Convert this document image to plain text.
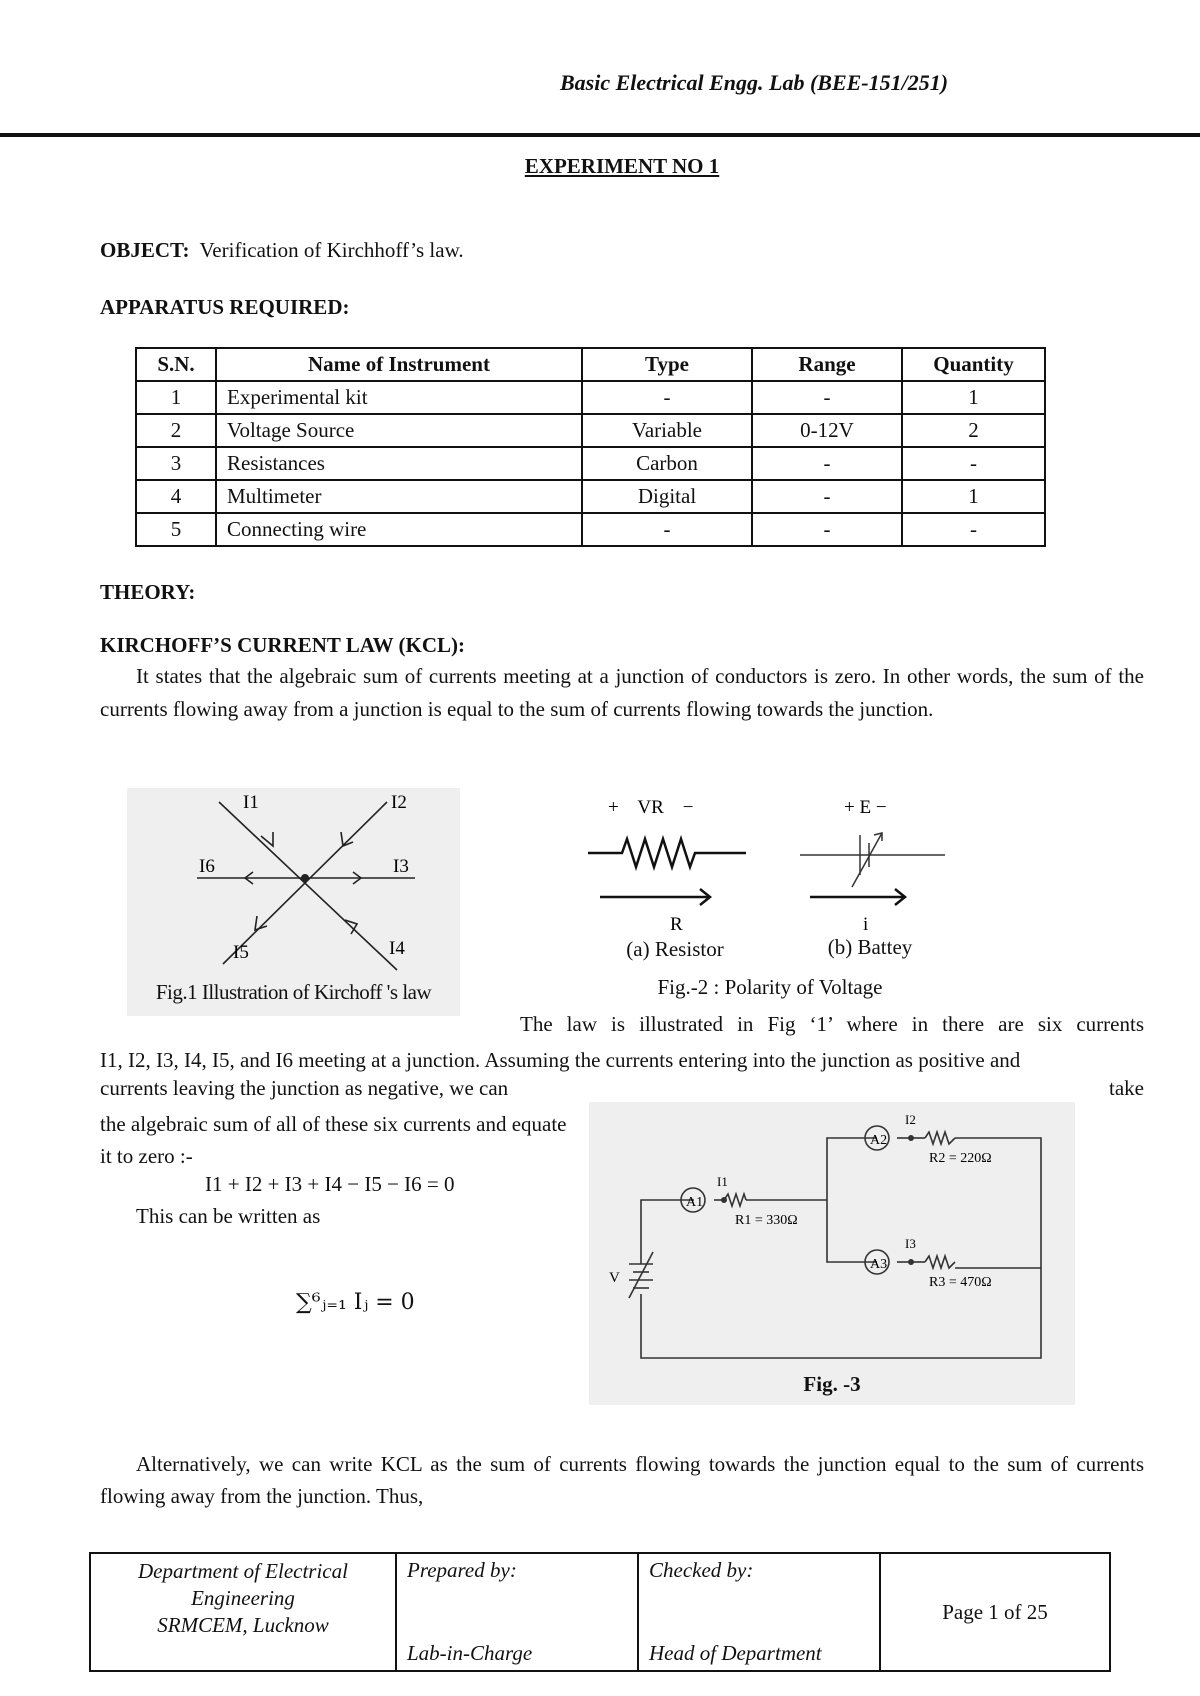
Basic Electrical Engg. Lab (BEE-151/251)
EXPERIMENT NO 1
OBJECT: Verification of Kirchhoff’s law.
APPARATUS REQUIRED:
S.N.	Name of Instrument	Type	Range	Quantity
1	Experimental kit	-	-	1
2	Voltage Source	Variable	0-12V	2
3	Resistances	Carbon	-	-
4	Multimeter	Digital	-	1
5	Connecting wire	-	-	-
THEORY:
KIRCHOFF’S CURRENT LAW (KCL):
It states that the algebraic sum of currents meeting at a junction of conductors is zero. In other words, the sum of the currents flowing away from a junction is equal to the sum of currents flowing towards the junction.
I1	I2
I3
I4
I5
I6
Fig.1 Illustration of Kirchoff 's law
+    VR    −	+ E −
R	i
(a) Resistor	(b) Battey
Fig.-2 : Polarity of Voltage
The law is illustrated in Fig ‘1’ where in there are six currents
I1, I2, I3, I4, I5, and I6 meeting at a junction. Assuming the currents entering into the junction as positive and
currents leaving the junction as negative, we can	take
the algebraic sum of all of these six currents and equate it to zero :-
I1 + I2 + I3 + I4 − I5 − I6 = 0
This can be written as
∑⁶ⱼ₌₁ Iⱼ = 0
A1
A2
A3
I1
I2
I3
R1 = 330Ω
R2 = 220Ω
R3 = 470Ω
V
Fig. -3
Alternatively, we can write KCL as the sum of currents flowing towards the junction equal to the sum of currents flowing away from the junction. Thus,
Department of Electrical
Engineering
SRMCEM, Lucknow

Prepared by:
Lab-in-Charge

Checked by:
Head of Department
	Page 1 of 25
